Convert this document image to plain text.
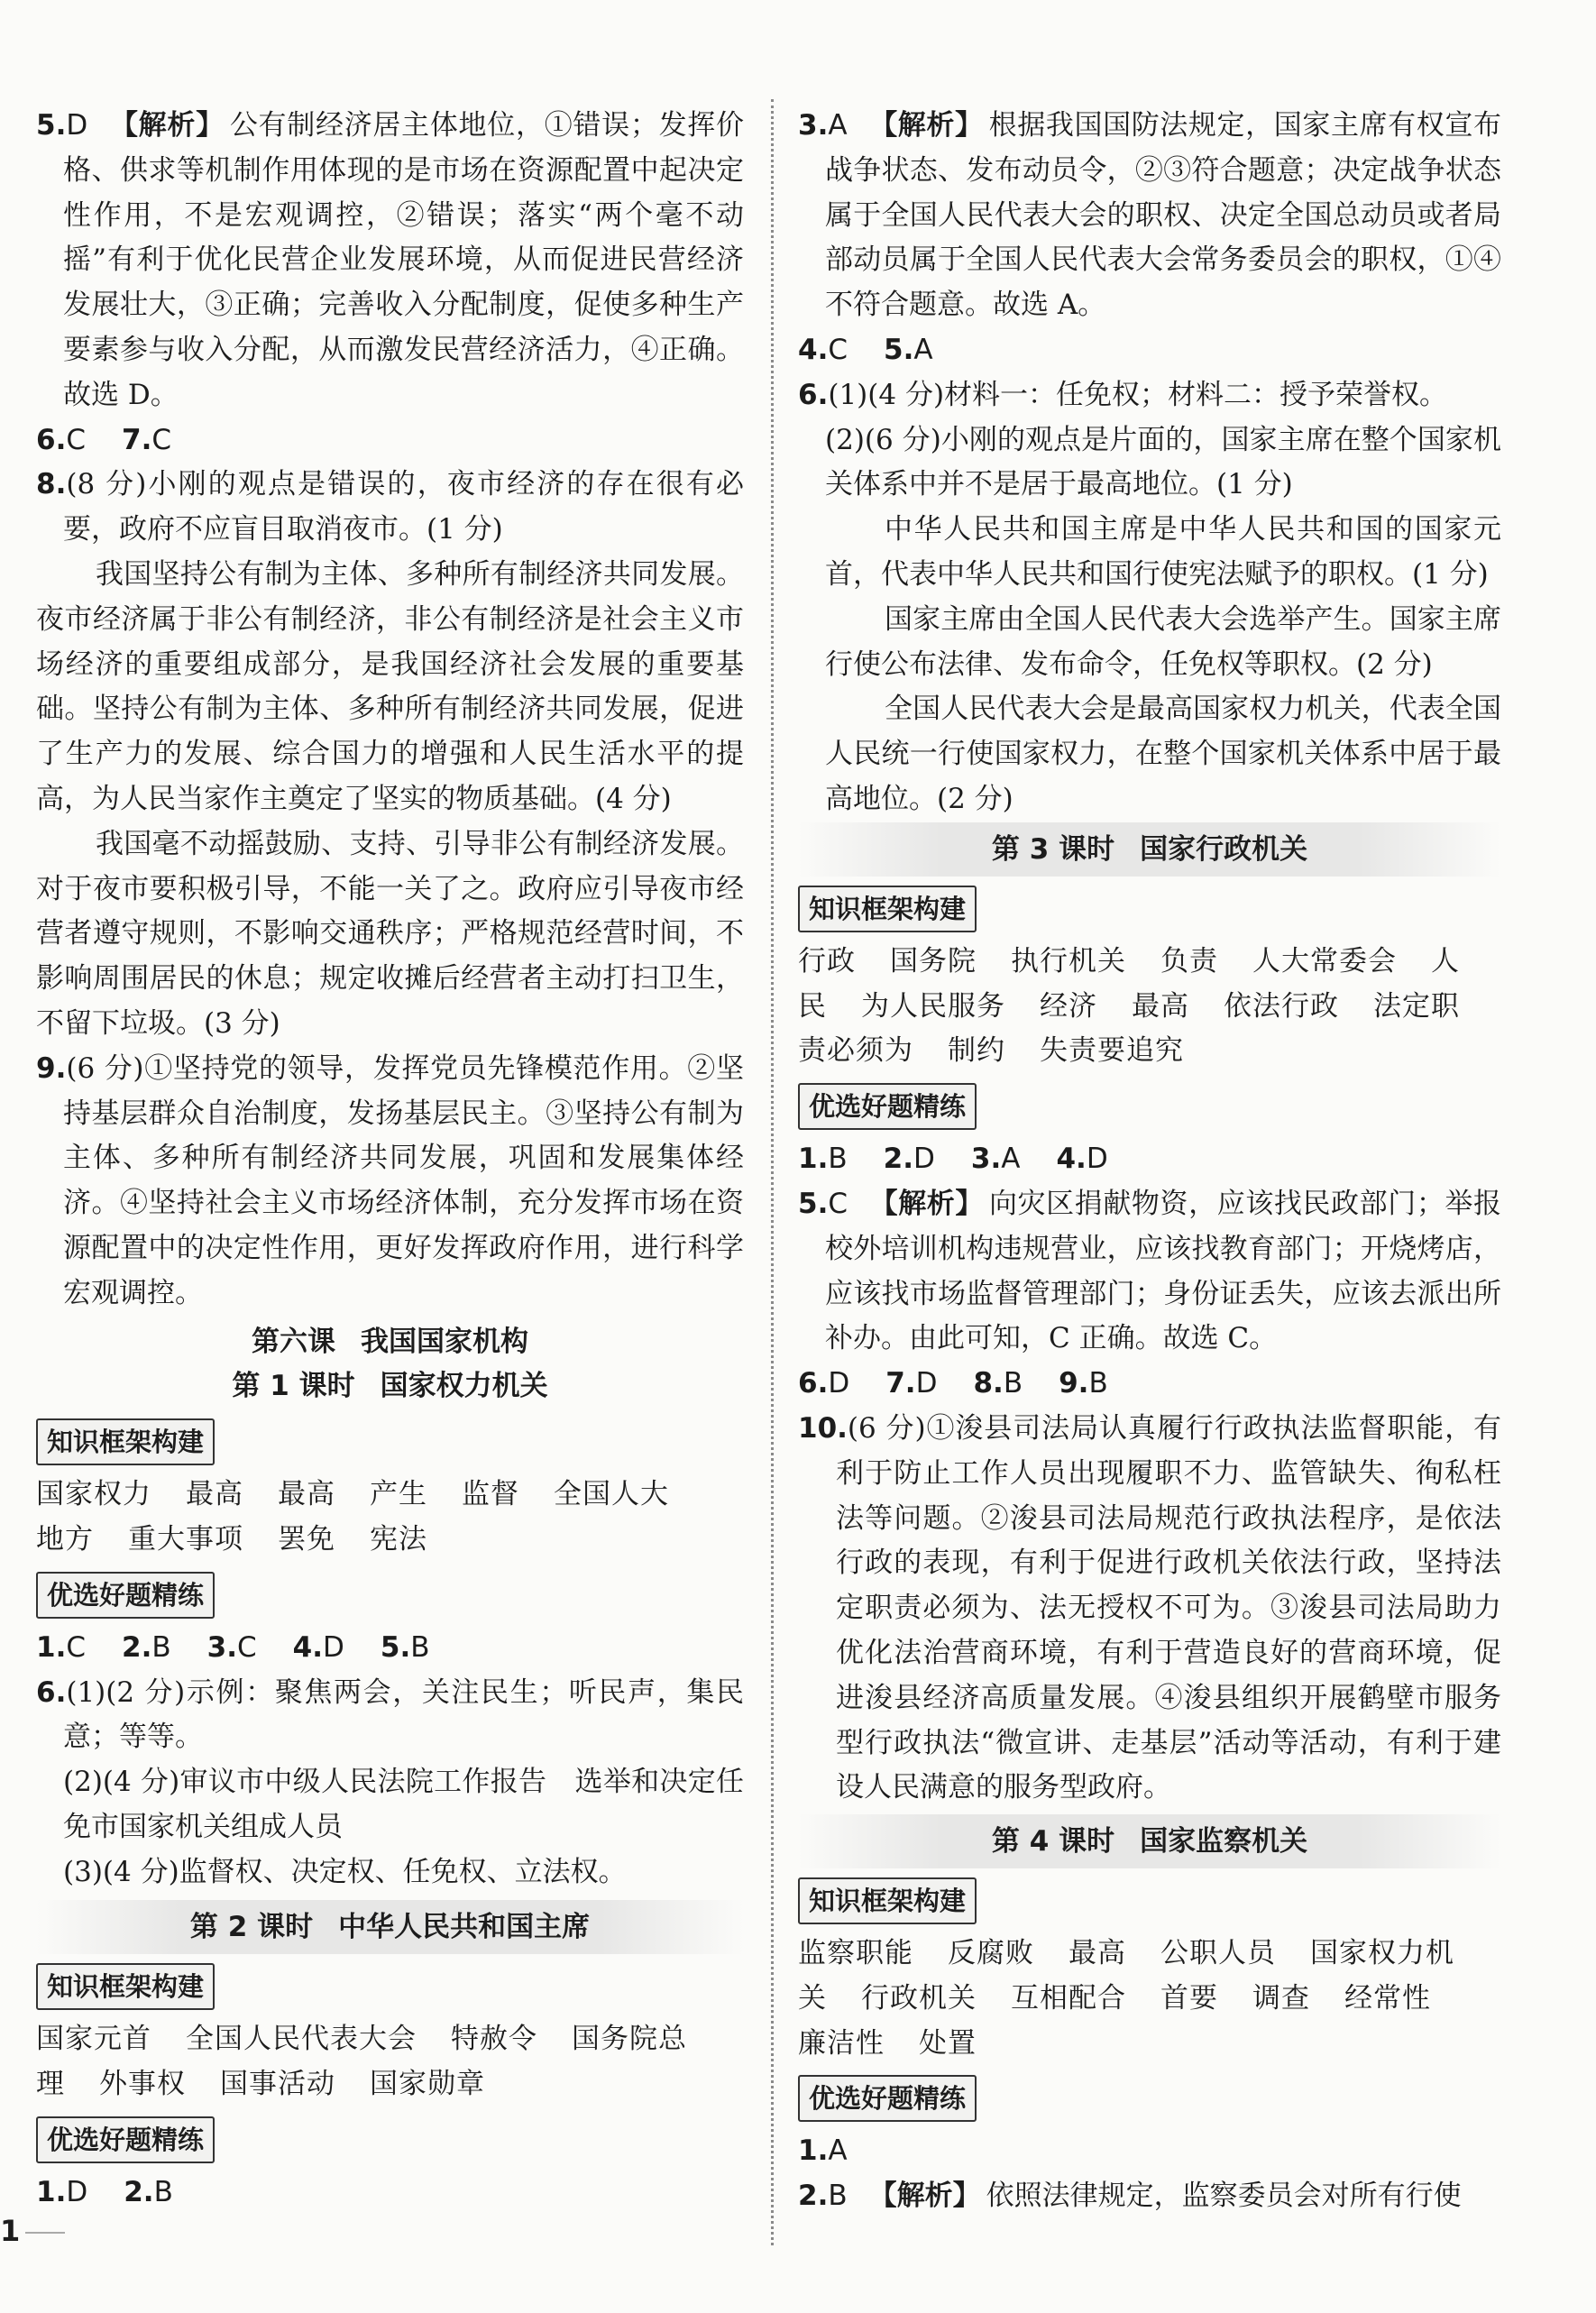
5.D 【解析】 公有制经济居主体地位，①错误；发挥价格、供求等机制作用体现的是市场在资源配置中起决定性作用，不是宏观调控，②错误；落实“两个毫不动摇”有利于优化民营企业发展环境，从而促进民营经济发展壮大，③正确；完善收入分配制度，促使多种生产要素参与收入分配，从而激发民营经济活力，④正确。故选 D。

6.C 7.C

8.(8 分)小刚的观点是错误的，夜市经济的存在很有必要，政府不应盲目取消夜市。(1 分)

我国坚持公有制为主体、多种所有制经济共同发展。夜市经济属于非公有制经济，非公有制经济是社会主义市场经济的重要组成部分，是我国经济社会发展的重要基础。坚持公有制为主体、多种所有制经济共同发展，促进了生产力的发展、综合国力的增强和人民生活水平的提高，为人民当家作主奠定了坚实的物质基础。(4 分)

我国毫不动摇鼓励、支持、引导非公有制经济发展。对于夜市要积极引导，不能一关了之。政府应引导夜市经营者遵守规则，不影响交通秩序；严格规范经营时间，不影响周围居民的休息；规定收摊后经营者主动打扫卫生，不留下垃圾。(3 分)

9.(6 分)①坚持党的领导，发挥党员先锋模范作用。②坚持基层群众自治制度，发扬基层民主。③坚持公有制为主体、多种所有制经济共同发展，巩固和发展集体经济。④坚持社会主义市场经济体制，充分发挥市场在资源配置中的决定性作用，更好发挥政府作用，进行科学宏观调控。

第六课 我国国家机构

第 1 课时 国家权力机关

知识框架构建

国家权力 最高 最高 产生 监督 全国人大

地方 重大事项 罢免 宪法

优选好题精练

1.C 2.B 3.C 4.D 5.B

6.(1)(2 分)示例：聚焦两会，关注民生；听民声，集民意；等等。

(2)(4 分)审议市中级人民法院工作报告　选举和决定任免市国家机关组成人员

(3)(4 分)监督权、决定权、任免权、立法权。

第 2 课时 中华人民共和国主席

知识框架构建

国家元首 全国人民代表大会 特赦令 国务院总

理 外事权 国事活动 国家勋章

优选好题精练

1.D 2.B

3.A 【解析】 根据我国国防法规定，国家主席有权宣布战争状态、发布动员令，②③符合题意；决定战争状态属于全国人民代表大会的职权、决定全国总动员或者局部动员属于全国人民代表大会常务委员会的职权，①④不符合题意。故选 A。

4.C 5.A

6.(1)(4 分)材料一：任免权；材料二：授予荣誉权。

(2)(6 分)小刚的观点是片面的，国家主席在整个国家机关体系中并不是居于最高地位。(1 分)

中华人民共和国主席是中华人民共和国的国家元首，代表中华人民共和国行使宪法赋予的职权。(1 分)

国家主席由全国人民代表大会选举产生。国家主席行使公布法律、发布命令，任免权等职权。(2 分)

全国人民代表大会是最高国家权力机关，代表全国人民统一行使国家权力，在整个国家机关体系中居于最高地位。(2 分)

第 3 课时 国家行政机关

知识框架构建

行政 国务院 执行机关 负责 人大常委会 人

民 为人民服务 经济 最高 依法行政 法定职

责必须为 制约 失责要追究

优选好题精练

1.B 2.D 3.A 4.D

5.C 【解析】 向灾区捐献物资，应该找民政部门；举报校外培训机构违规营业，应该找教育部门；开烧烤店，应该找市场监督管理部门；身份证丢失，应该去派出所补办。由此可知，C 正确。故选 C。

6.D 7.D 8.B 9.B

10.(6 分)①浚县司法局认真履行行政执法监督职能，有利于防止工作人员出现履职不力、监管缺失、徇私枉法等问题。②浚县司法局规范行政执法程序，是依法行政的表现，有利于促进行政机关依法行政，坚持法定职责必须为、法无授权不可为。③浚县司法局助力优化法治营商环境，有利于营造良好的营商环境，促进浚县经济高质量发展。④浚县组织开展鹤壁市服务型行政执法“微宣讲、走基层”活动等活动，有利于建设人民满意的服务型政府。

第 4 课时 国家监察机关

知识框架构建

监察职能 反腐败 最高 公职人员 国家权力机

关 行政机关 互相配合 首要 调查 经常性

廉洁性 处置

优选好题精练

1.A

2.B 【解析】 依照法律规定，监察委员会对所有行使

1
